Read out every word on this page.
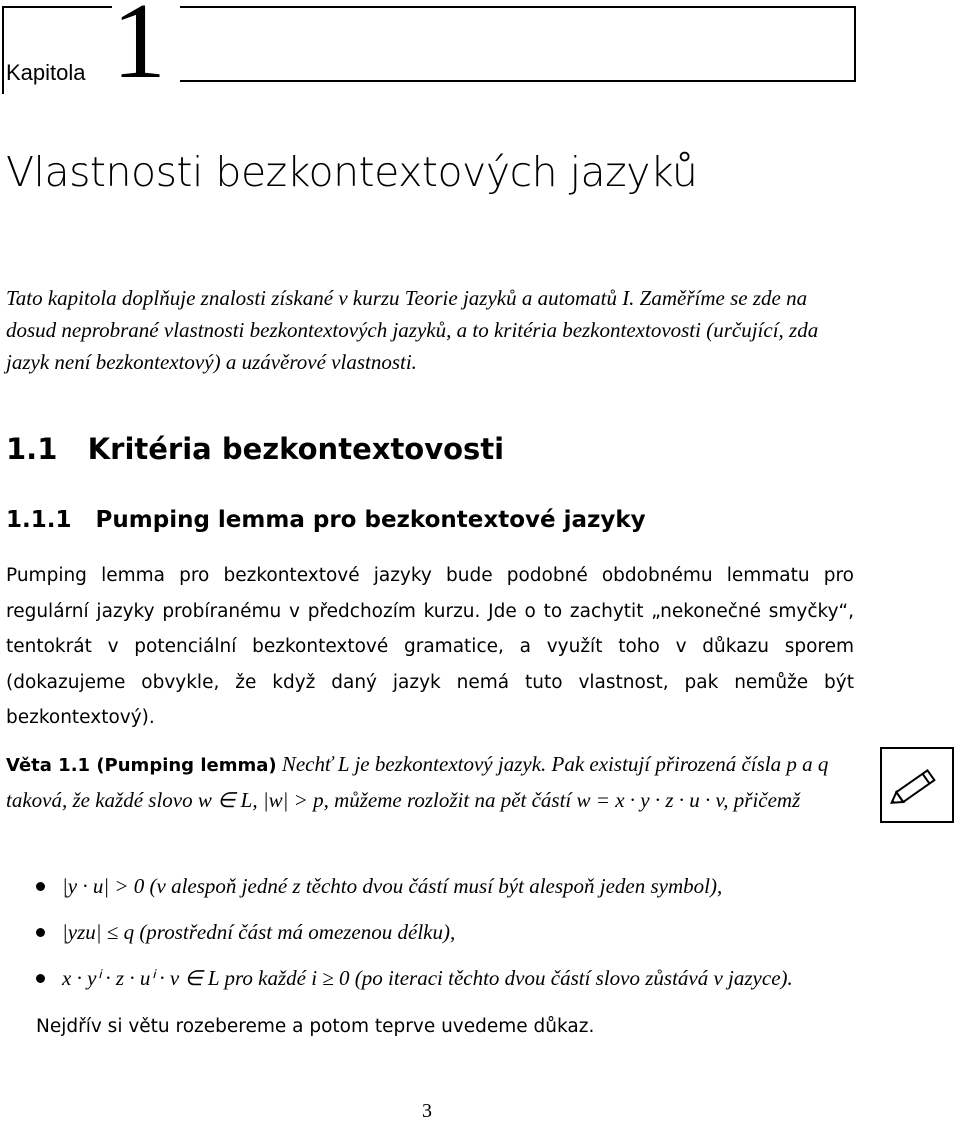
Kapitola 1
Vlastnosti bezkontextových jazyků
Tato kapitola doplňuje znalosti získané v kurzu Teorie jazyků a automatů I. Zaměříme se zde na dosud neprobrané vlastnosti bezkontextových jazyků, a to kritéria bezkontextovosti (určující, zda jazyk není bezkontextový) a uzávěrové vlastnosti.
1.1 Kritéria bezkontextovosti
1.1.1 Pumping lemma pro bezkontextové jazyky
Pumping lemma pro bezkontextové jazyky bude podobné obdobnému lemmatu pro regulární jazyky probíranému v předchozím kurzu. Jde o to zachytit „nekonečné smyčky“, tentokrát v potenciální bezkontextové gramatice, a využít toho v důkazu sporem (dokazujeme obvykle, že když daný jazyk nemá tuto vlastnost, pak nemůže být bezkontextový).
Věta 1.1 (Pumping lemma) Nechť L je bezkontextový jazyk. Pak existují přirozená čísla p a q taková, že každé slovo w ∈ L, |w| > p, můžeme rozložit na pět částí w = x · y · z · u · v, přičemž
|y · u| > 0 (v alespoň jedné z těchto dvou částí musí být alespoň jeden symbol),
|yzu| ≤ q (prostřední část má omezenou délku),
x · yⁱ · z · uⁱ · v ∈ L pro každé i ≥ 0 (po iteraci těchto dvou částí slovo zůstává v jazyce).
Nejdřív si větu rozebereme a potom teprve uvedeme důkaz.
3
